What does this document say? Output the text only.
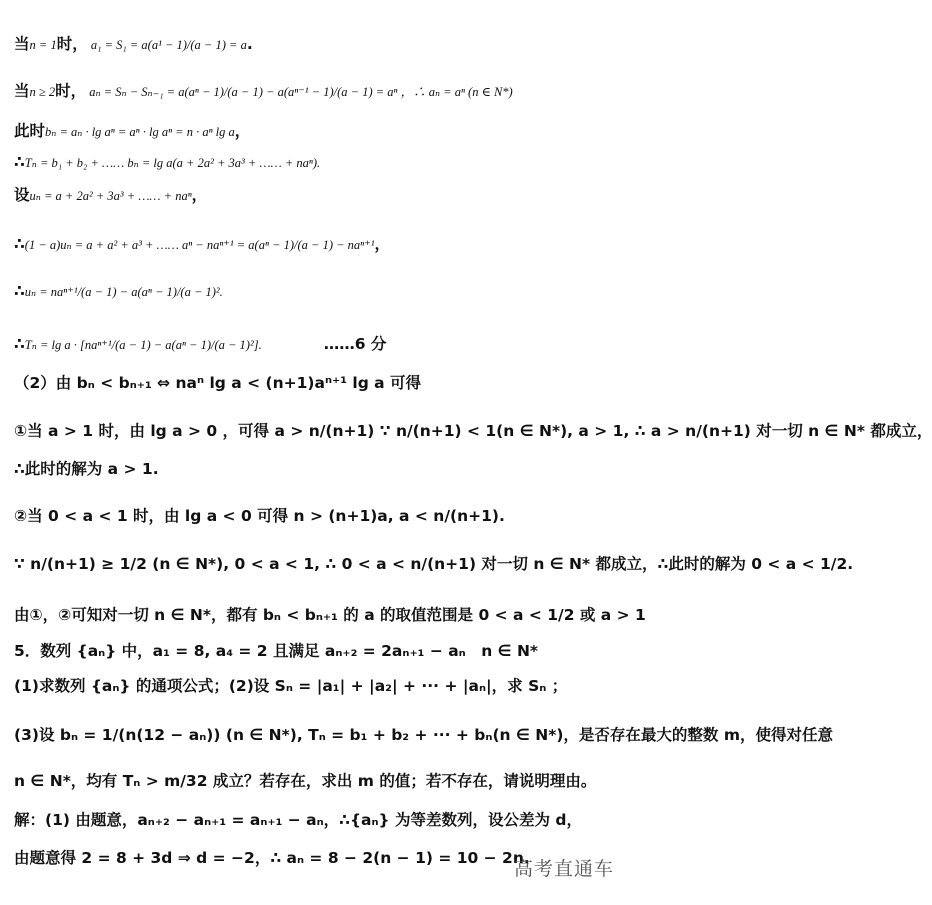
当n = 1时， a₁ = S₁ = a(a¹ − 1)/(a − 1) = a.
当n ≥ 2时， aₙ = Sₙ − Sₙ₋₁ = a(aⁿ − 1)/(a − 1) − a(aⁿ⁻¹ − 1)/(a − 1) = aⁿ ，∴ aₙ = aⁿ (n ∈ N*)
此时bₙ = aₙ · lg aⁿ = aⁿ · lg aⁿ = n · aⁿ lg a，
∴Tₙ = b₁ + b₂ + …… bₙ = lg a(a + 2a² + 3a³ + …… + naⁿ).
设uₙ = a + 2a² + 3a³ + …… + naⁿ，
∴(1 − a)uₙ = a + a² + a³ + …… aⁿ − naⁿ⁺¹ = a(aⁿ − 1)/(a − 1) − naⁿ⁺¹，
∴uₙ = naⁿ⁺¹/(a − 1) − a(aⁿ − 1)/(a − 1)².
∴Tₙ = lg a · [naⁿ⁺¹/(a − 1) − a(aⁿ − 1)/(a − 1)²].　　　　……6 分
（2）由 bₙ < bₙ₊₁ ⇔ naⁿ lg a < (n+1)aⁿ⁺¹ lg a 可得
①当 a > 1 时，由 lg a > 0 ，可得 a > n/(n+1) ∵ n/(n+1) < 1(n ∈ N*), a > 1, ∴ a > n/(n+1) 对一切 n ∈ N* 都成立，
∴此时的解为 a > 1.
②当 0 < a < 1 时，由 lg a < 0 可得 n > (n+1)a, a < n/(n+1).
∵ n/(n+1) ≥ 1/2 (n ∈ N*), 0 < a < 1, ∴ 0 < a < n/(n+1) 对一切 n ∈ N* 都成立，∴此时的解为 0 < a < 1/2.
由①，②可知对一切 n ∈ N*，都有 bₙ < bₙ₊₁ 的 a 的取值范围是 0 < a < 1/2 或 a > 1
5．数列 {aₙ} 中，a₁ = 8, a₄ = 2 且满足 aₙ₊₂ = 2aₙ₊₁ − aₙ　n ∈ N*
(1)求数列 {aₙ} 的通项公式；(2)设 Sₙ = |a₁| + |a₂| + ··· + |aₙ|，求 Sₙ ；
(3)设 bₙ = 1/(n(12 − aₙ)) (n ∈ N*), Tₙ = b₁ + b₂ + ··· + bₙ(n ∈ N*)，是否存在最大的整数 m，使得对任意
n ∈ N*，均有 Tₙ > m/32 成立？若存在，求出 m 的值；若不存在，请说明理由。
解：(1) 由题意，aₙ₊₂ − aₙ₊₁ = aₙ₊₁ − aₙ，∴{aₙ} 为等差数列，设公差为 d，
由题意得 2 = 8 + 3d ⇒ d = −2，∴ aₙ = 8 − 2(n − 1) = 10 − 2n.
高考直通车
